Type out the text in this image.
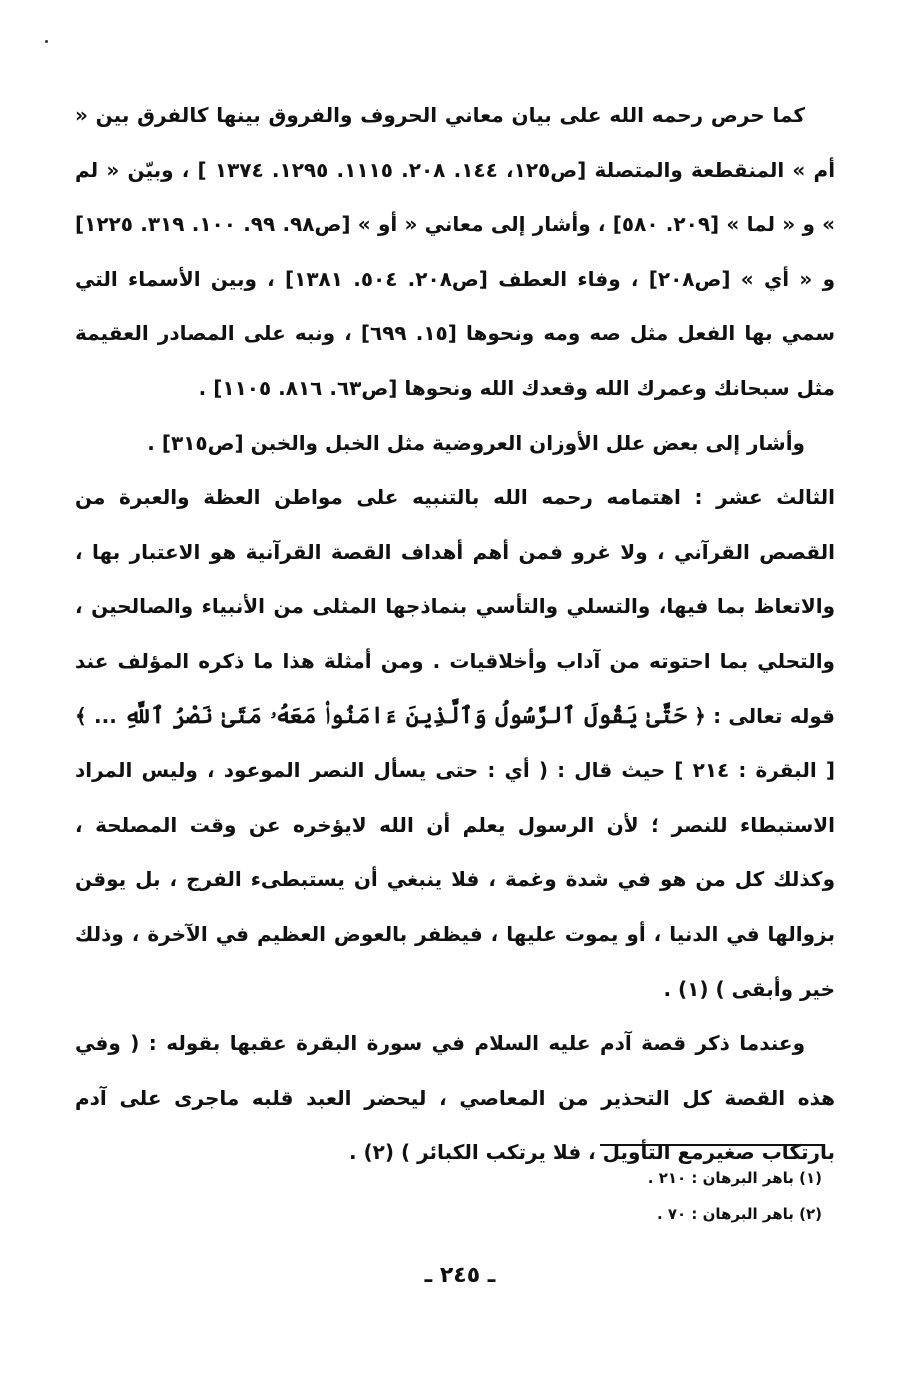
كما حرص رحمه الله على بيان معاني الحروف والفروق بينها كالفرق بين « أم » المنقطعة والمتصلة [ص١٢٥، ١٤٤. ٢٠٨. ١١١٥. ١٢٩٥. ١٣٧٤ ] ، وبيّن « لم » و « لما » [٢٠٩. ٥٨٠] ، وأشار إلى معاني « أو » [ص٩٨. ٩٩. ١٠٠. ٣١٩. ١٢٢٥] و « أي » [ص٢٠٨] ، وفاء العطف [ص٢٠٨. ٥٠٤. ١٣٨١] ، وبين الأسماء التي سمي بها الفعل مثل صه ومه ونحوها [١٥. ٦٩٩] ، ونبه على المصادر العقيمة مثل سبحانك وعمرك الله وقعدك الله ونحوها [ص٦٣. ٨١٦. ١١٠٥] .

وأشار إلى بعض علل الأوزان العروضية مثل الخبل والخبن [ص٣١٥] .

الثالث عشر : اهتمامه رحمه الله بالتنبيه على مواطن العظة والعبرة من القصص القرآني ، ولا غرو فمن أهم أهداف القصة القرآنية هو الاعتبار بها ، والاتعاظ بما فيها، والتسلي والتأسي بنماذجها المثلى من الأنبياء والصالحين ، والتحلي بما احتوته من آداب وأخلاقيات . ومن أمثلة هذا ما ذكره المؤلف عند قوله تعالى : ﴿ حَتَّىٰ يَقُولَ ٱلرَّسُولُ وَٱلَّذِينَ ءَامَنُوا۟ مَعَهُۥ مَتَىٰ نَصْرُ ٱللَّهِ ... ﴾ [ البقرة : ٢١٤ ] حيث قال : ( أي : حتى يسأل النصر الموعود ، وليس المراد الاستبطاء للنصر ؛ لأن الرسول يعلم أن الله لايؤخره عن وقت المصلحة ، وكذلك كل من هو في شدة وغمة ، فلا ينبغي أن يستبطىء الفرج ، بل يوقن بزوالها في الدنيا ، أو يموت عليها ، فيظفر بالعوض العظيم في الآخرة ، وذلك خير وأبقى ) (١) .

وعندما ذكر قصة آدم عليه السلام في سورة البقرة عقبها بقوله : ( وفي هذه القصة كل التحذير من المعاصي ، ليحضر العبد قلبه ماجرى على آدم بارتكاب صغيرمع التأويل ، فلا يرتكب الكبائر ) (٢) .

(١) باهر البرهان : ٢١٠ .
(٢) باهر البرهان : ٧٠ .
ـ ٢٤٥ ـ
